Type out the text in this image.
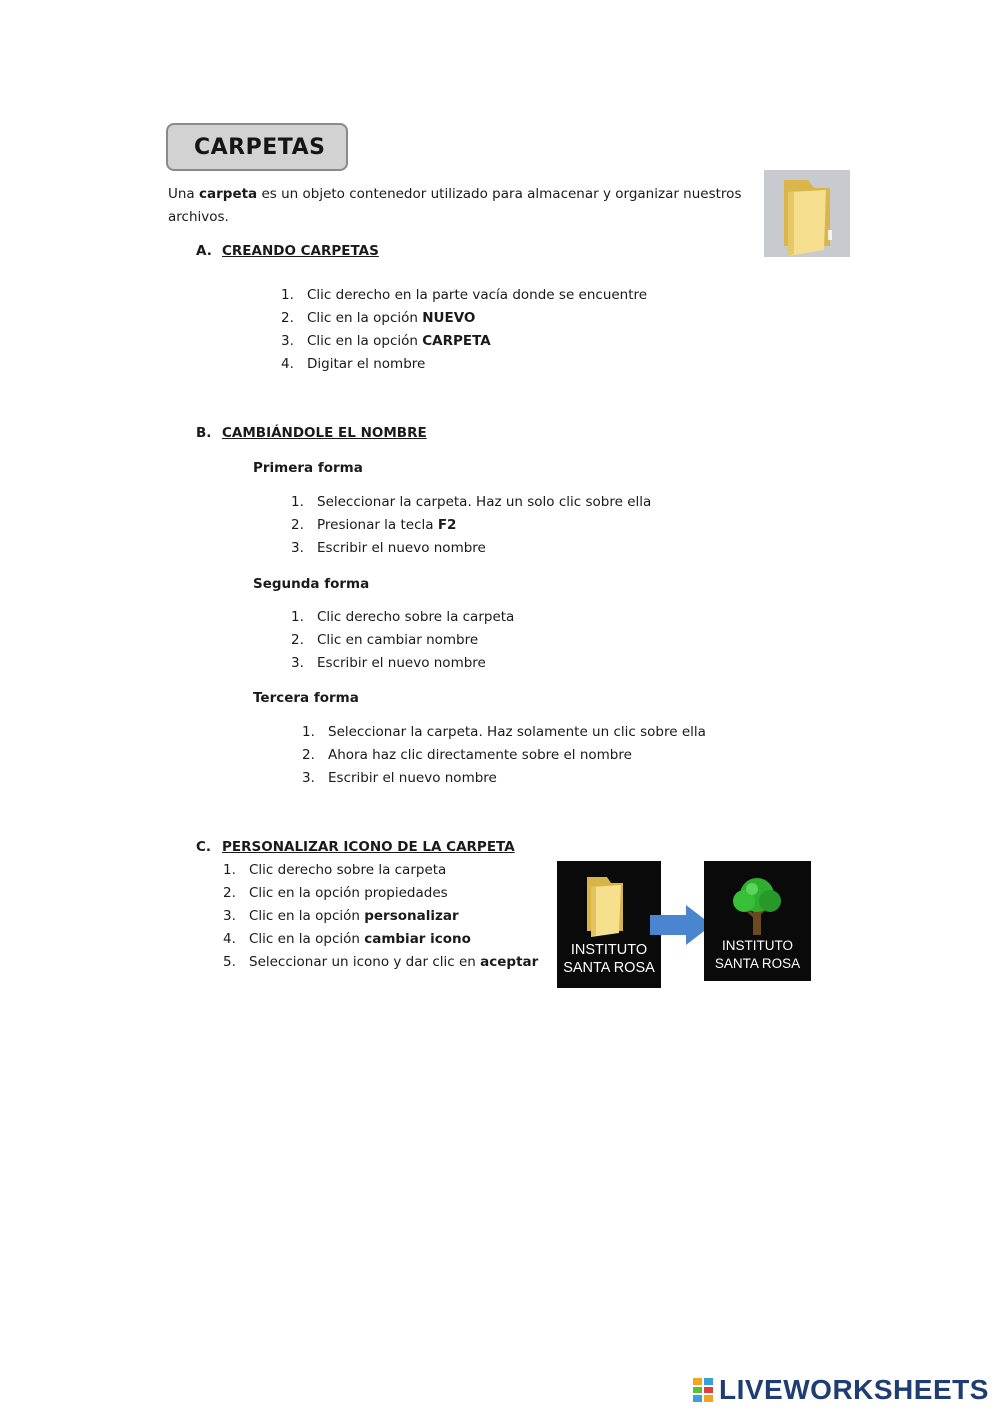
CARPETAS
Una carpeta es un objeto contenedor utilizado para almacenar y organizar nuestros archivos.
A. CREANDO CARPETAS
1. Clic derecho en la parte vacía donde se encuentre
2. Clic en la opción NUEVO
3. Clic en la opción CARPETA
4. Digitar el nombre
B. CAMBIÁNDOLE EL NOMBRE
Primera forma
1. Seleccionar la carpeta. Haz un solo clic sobre ella
2. Presionar la tecla F2
3. Escribir el nuevo nombre
Segunda forma
1. Clic derecho sobre la carpeta
2. Clic en cambiar nombre
3. Escribir el nuevo nombre
Tercera forma
1. Seleccionar la carpeta. Haz solamente un clic sobre ella
2. Ahora haz clic directamente sobre el nombre
3. Escribir el nuevo nombre
C. PERSONALIZAR ICONO DE LA CARPETA
1. Clic derecho sobre la carpeta
2. Clic en la opción propiedades
3. Clic en la opción personalizar
4. Clic en la opción cambiar icono
5. Seleccionar un icono y dar clic en aceptar
INSTITUTO
SANTA ROSA
INSTITUTO
SANTA ROSA
LIVEWORKSHEETS
